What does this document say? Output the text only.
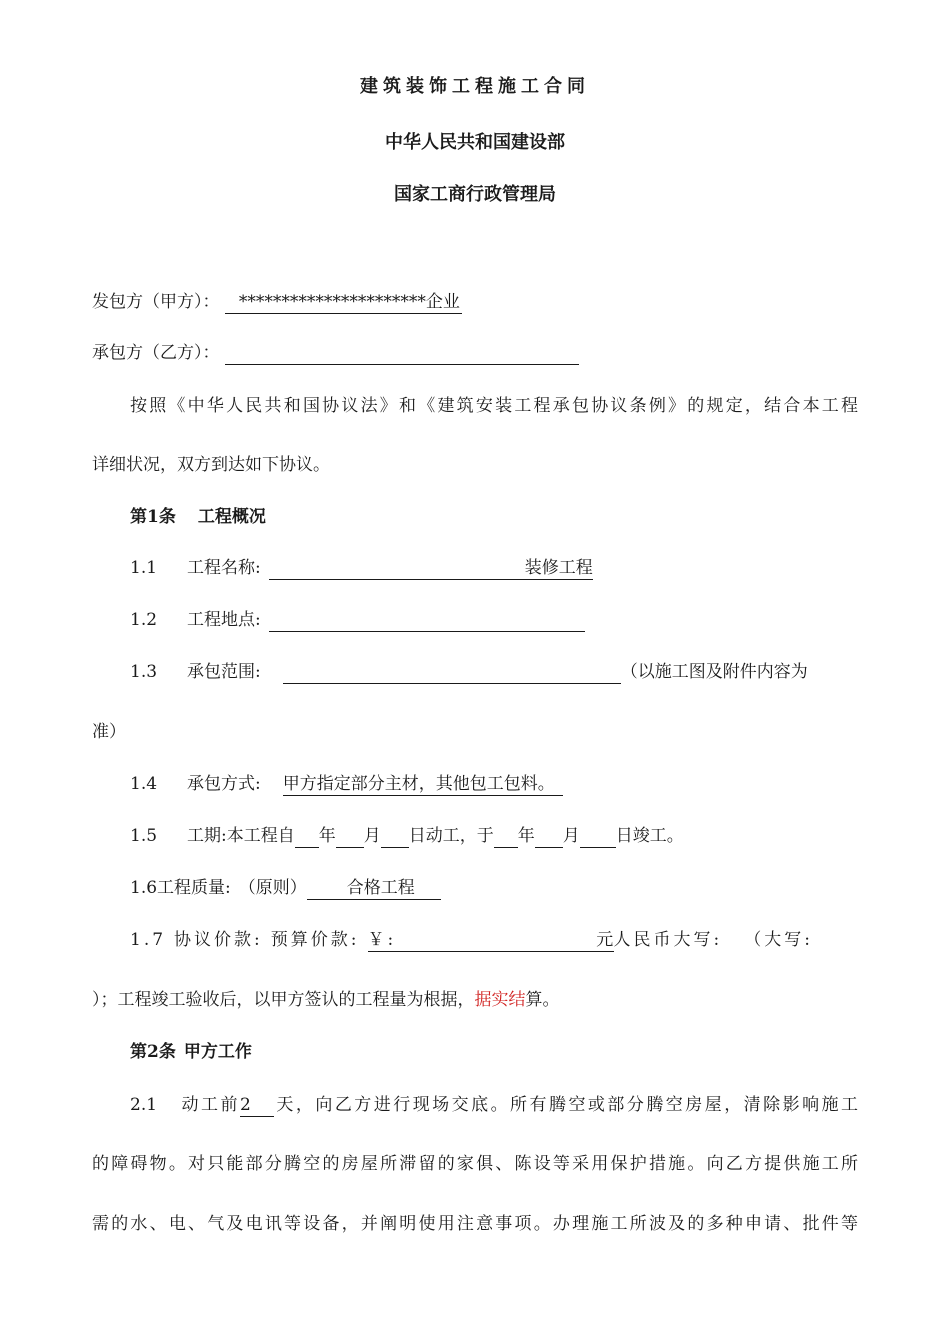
建筑装饰工程施工合同
中华人民共和国建设部
国家工商行政管理局
发包方（甲方）： **********************企业
承包方（乙方）：
按照《中华人民共和国协议法》和《建筑安装工程承包协议条例》的规定，结合本工程
详细状况，双方到达如下协议。
第1条 工程概况
1.1 工程名称:	装修工程
1.2 工程地点:
1.3 承包范围:	（以施工图及附件内容为
准）
1.4 承包方式: 甲方指定部分主材，其他包工包料。
1.5 工期:本工程自 年 月 日动工，于 年 月 日竣工。
1.6工程质量: （原则） 合格工程
1.7 协议价款: 预算价款: ￥:	元人民币大写: （大写:
）；工程竣工验收后，以甲方签认的工程量为根据，据实结算。
第2条 甲方工作
2.1 动工前2 天，向乙方进行现场交底。所有腾空或部分腾空房屋，清除影响施工
的障碍物。对只能部分腾空的房屋所滞留的家俱、陈设等采用保护措施。向乙方提供施工所
需的水、电、气及电讯等设备，并阐明使用注意事项。办理施工所波及的多种申请、批件等
